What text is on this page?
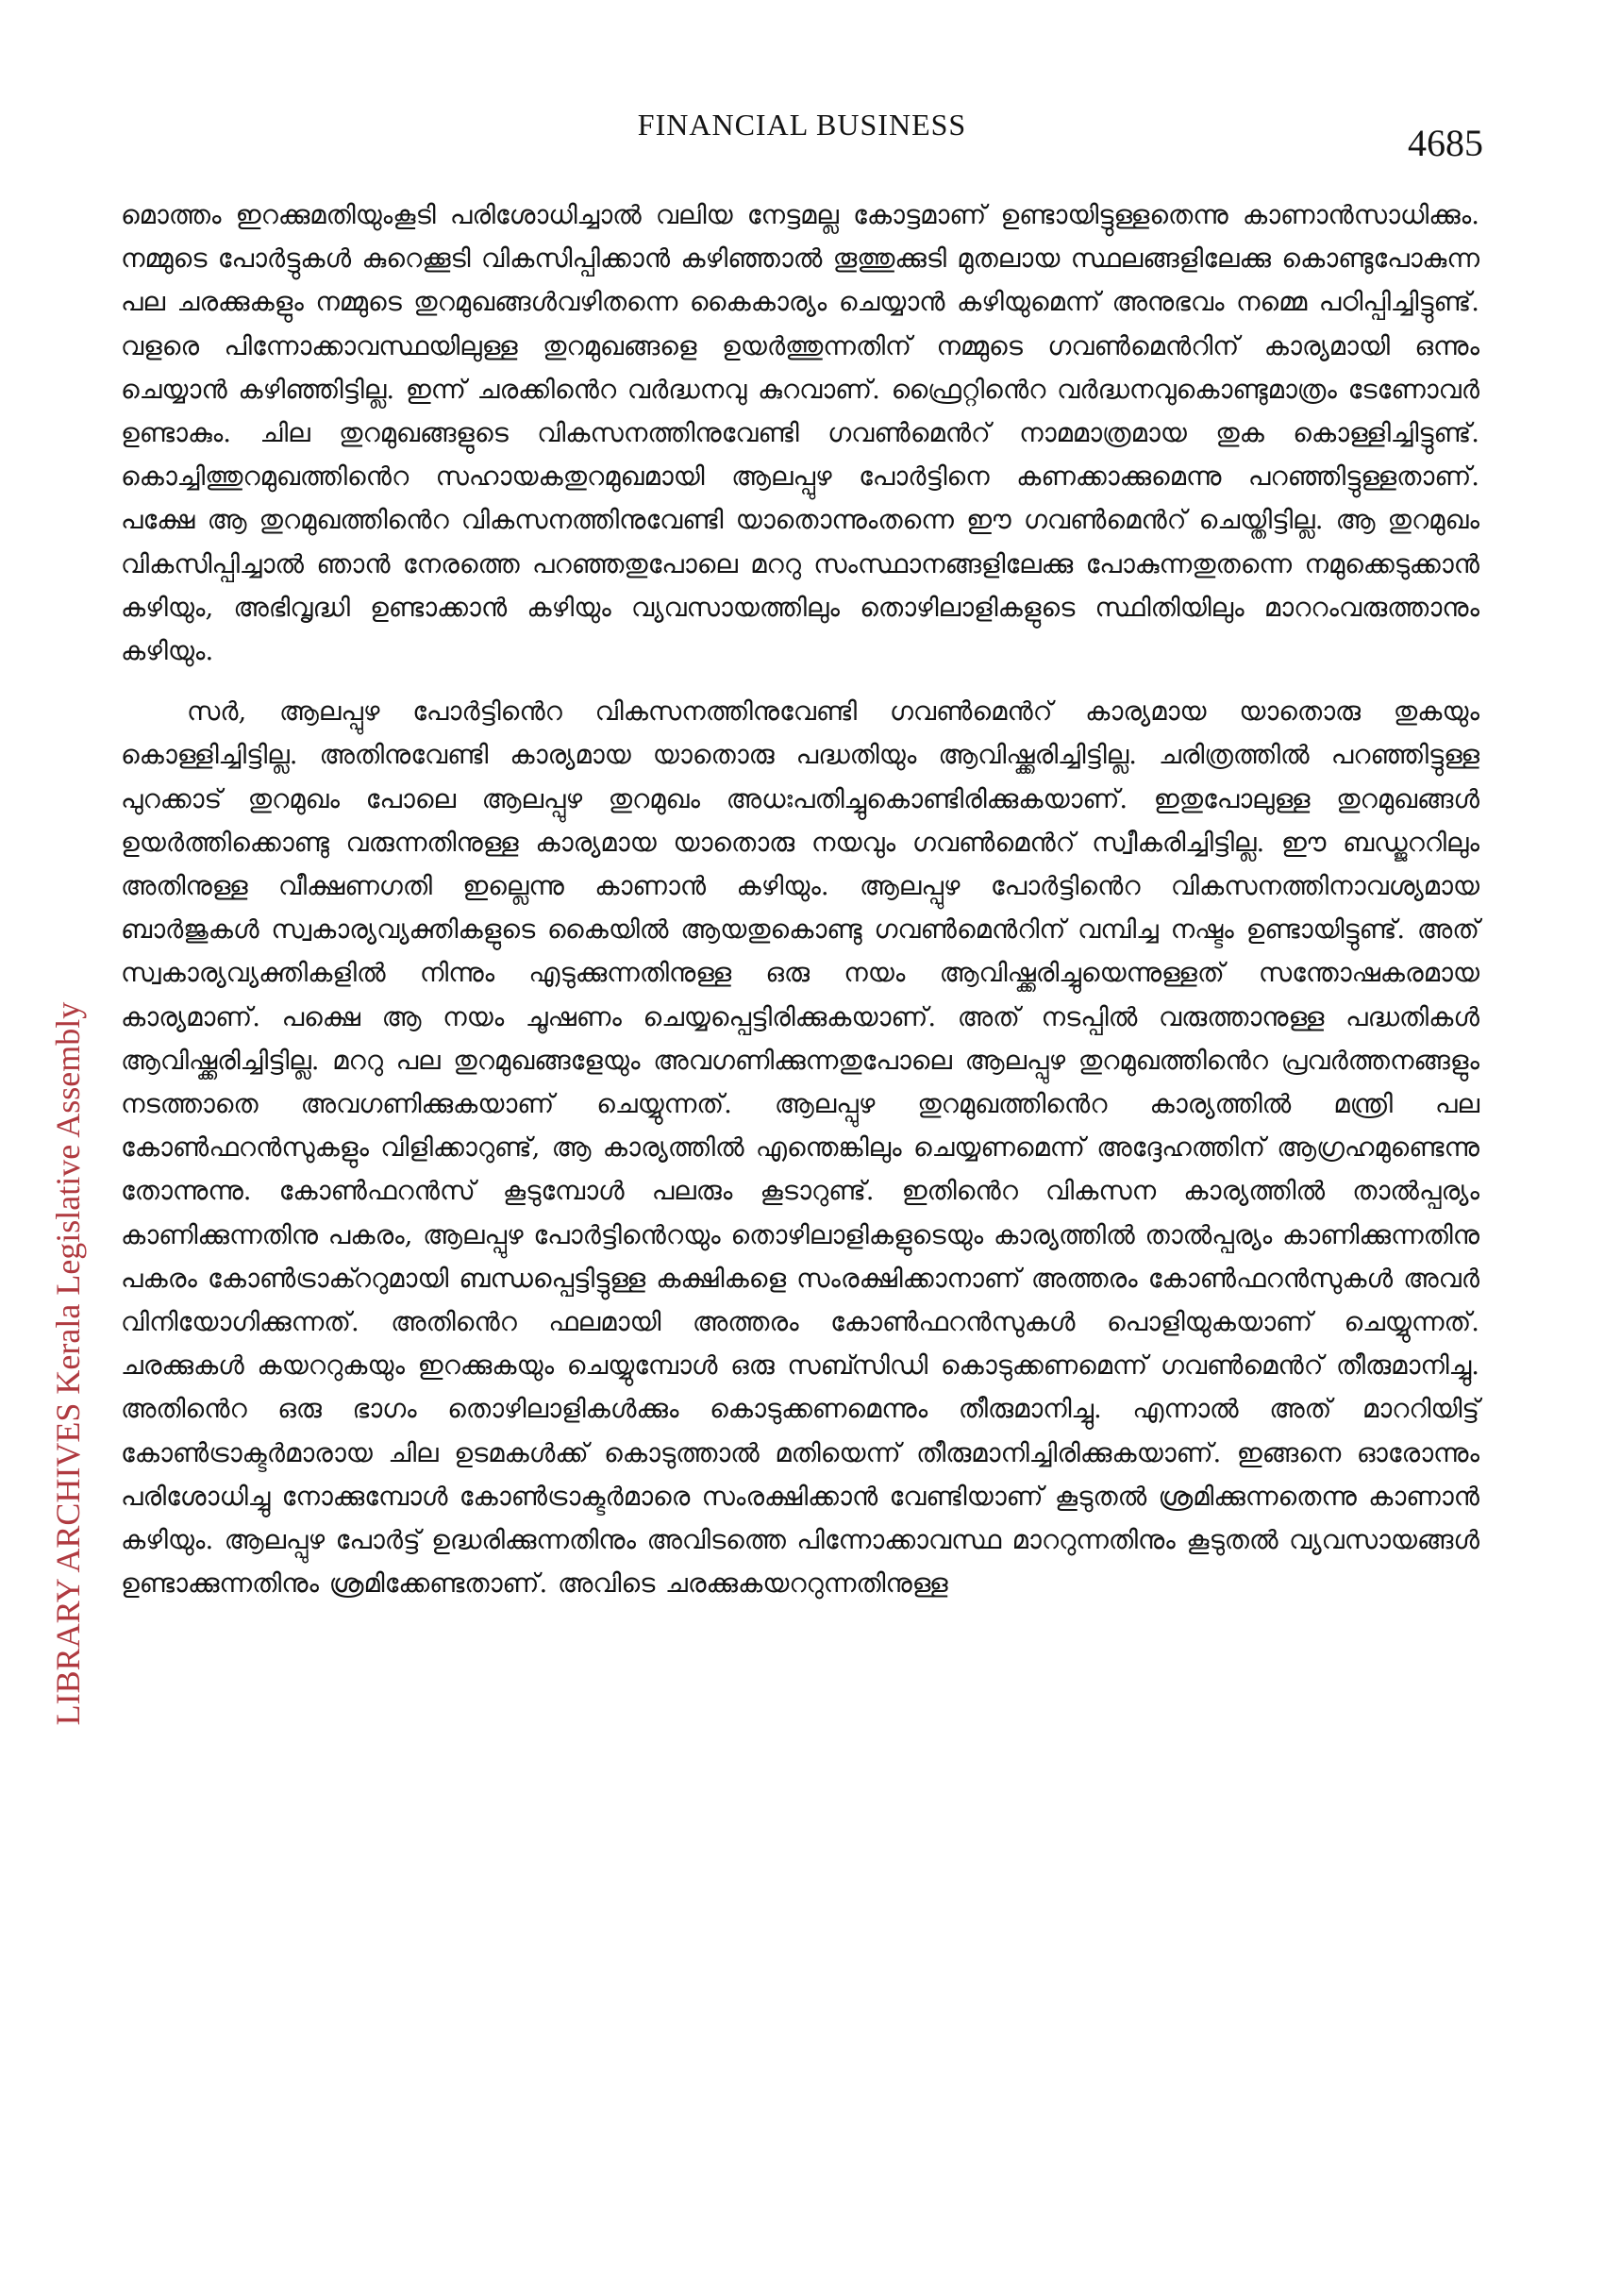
FINANCIAL BUSINESS	4685
LIBRARY ARCHIVES Kerala Legislative Assembly

മൊത്തം ഇറക്കുമതിയുംകൂടി പരിശോധിച്ചാൽ വലിയ നേട്ടമല്ല കോട്ടമാണ് ഉണ്ടായിട്ടുള്ളതെന്നു കാണാൻസാധിക്കും. നമ്മുടെ പോർട്ടുകൾ കുറെക്കൂടി വികസിപ്പിക്കാൻ കഴിഞ്ഞാൽ തൂത്തുക്കുടി മുതലായ സ്ഥലങ്ങളിലേക്കു കൊണ്ടുപോകുന്ന പല ചരക്കുകളും നമ്മുടെ തുറമുഖങ്ങൾവഴിതന്നെ കൈകാര്യം ചെയ്യാൻ കഴിയുമെന്ന് അനുഭവം നമ്മെ പഠിപ്പിച്ചിട്ടുണ്ട്. വളരെ പിന്നോക്കാവസ്ഥയിലുള്ള തുറമുഖങ്ങളെ ഉയർത്തുന്നതിന് നമ്മുടെ ഗവൺമെൻറിന് കാര്യമായി ഒന്നും ചെയ്യാൻ കഴിഞ്ഞിട്ടില്ല. ഇന്ന് ചരക്കിൻെറ വർദ്ധനവു കുറവാണ്. ഫ്രൈറ്റിൻെറ വർദ്ധനവുകൊണ്ടുമാത്രം ടേണോവർ ഉണ്ടാകും. ചില തുറമുഖങ്ങളുടെ വികസനത്തിനുവേണ്ടി ഗവൺമെൻറ് നാമമാത്രമായ തുക കൊള്ളിച്ചിട്ടുണ്ട്. കൊച്ചിത്തുറമുഖത്തിൻെറ സഹായകതുറമുഖമായി ആലപ്പുഴ പോർട്ടിനെ കണക്കാക്കുമെന്നു പറഞ്ഞിട്ടുള്ളതാണ്. പക്ഷേ ആ തുറമുഖത്തിൻെറ വികസനത്തിനുവേണ്ടി യാതൊന്നുംതന്നെ ഈ ഗവൺമെൻറ് ചെയ്തിട്ടില്ല. ആ തുറമുഖം വികസിപ്പിച്ചാൽ ഞാൻ നേരത്തെ പറഞ്ഞതുപോലെ മററു സംസ്ഥാനങ്ങളിലേക്കു പോകുന്നതുതന്നെ നമുക്കെടുക്കാൻ കഴിയും, അഭിവൃദ്ധി ഉണ്ടാക്കാൻ കഴിയും വ്യവസായത്തിലും തൊഴിലാളികളുടെ സ്ഥിതിയിലും മാററംവരുത്താനും കഴിയും.

സർ, ആലപ്പുഴ പോർട്ടിൻെറ വികസനത്തിനുവേണ്ടി ഗവൺമെൻറ് കാര്യമായ യാതൊരു തുകയും കൊള്ളിച്ചിട്ടില്ല. അതിനുവേണ്ടി കാര്യമായ യാതൊരു പദ്ധതിയും ആവിഷ്ക്കരിച്ചിട്ടില്ല. ചരിത്രത്തിൽ പറഞ്ഞിട്ടുള്ള പുറക്കാട് തുറമുഖം പോലെ ആലപ്പുഴ തുറമുഖം അധഃപതിച്ചുകൊണ്ടിരിക്കുകയാണ്. ഇതുപോലുള്ള തുറമുഖങ്ങൾ ഉയർത്തിക്കൊണ്ടു വരുന്നതിനുള്ള കാര്യമായ യാതൊരു നയവും ഗവൺമെൻറ് സ്വീകരിച്ചിട്ടില്ല. ഈ ബഡ്ജററിലും അതിനുള്ള വീക്ഷണഗതി ഇല്ലെന്നു കാണാൻ കഴിയും. ആലപ്പുഴ പോർട്ടിൻെറ വികസനത്തിനാവശ്യമായ ബാർജുകൾ സ്വകാര്യവ്യക്തികളുടെ കൈയിൽ ആയതുകൊണ്ടു ഗവൺമെൻറിന് വമ്പിച്ച നഷ്ടം ഉണ്ടായിട്ടുണ്ട്. അത് സ്വകാര്യവ്യക്തികളിൽ നിന്നും എടുക്കുന്നതിനുള്ള ഒരു നയം ആവിഷ്ക്കരിച്ചുയെന്നുള്ളത് സന്തോഷകരമായ കാര്യമാണ്. പക്ഷെ ആ നയം ചൂഷണം ചെയ്യപ്പെട്ടിരിക്കുകയാണ്. അത് നടപ്പിൽ വരുത്താനുള്ള പദ്ധതികൾ ആവിഷ്ക്കരിച്ചിട്ടില്ല. മററു പല തുറമുഖങ്ങളേയും അവഗണിക്കുന്നതുപോലെ ആലപ്പുഴ തുറമുഖത്തിൻെറ പ്രവർത്തനങ്ങളും നടത്താതെ അവഗണിക്കുകയാണ് ചെയ്യുന്നത്. ആലപ്പുഴ തുറമുഖത്തിൻെറ കാര്യത്തിൽ മന്ത്രി പല കോൺഫറൻസുകളും വിളിക്കാറുണ്ട്, ആ കാര്യത്തിൽ എന്തെങ്കിലും ചെയ്യണമെന്ന് അദ്ദേഹത്തിന് ആഗ്രഹമുണ്ടെന്നു തോന്നുന്നു. കോൺഫറൻസ് കൂടുമ്പോൾ പലരും കൂടാറുണ്ട്. ഇതിൻെറ വികസന കാര്യത്തിൽ താൽപ്പര്യം കാണിക്കുന്നതിനു പകരം, ആലപ്പുഴ പോർട്ടിൻെറയും തൊഴിലാളികളുടെയും കാര്യത്തിൽ താൽപ്പര്യം കാണിക്കുന്നതിനു പകരം കോൺട്രാക്ററുമായി ബന്ധപ്പെട്ടിട്ടുള്ള കക്ഷികളെ സംരക്ഷിക്കാനാണ് അത്തരം കോൺഫറൻസുകൾ അവർ വിനിയോഗിക്കുന്നത്. അതിൻെറ ഫലമായി അത്തരം കോൺഫറൻസുകൾ പൊളിയുകയാണ് ചെയ്യുന്നത്. ചരക്കുകൾ കയററുകയും ഇറക്കുകയും ചെയ്യുമ്പോൾ ഒരു സബ്സിഡി കൊടുക്കണമെന്ന് ഗവൺമെൻറ് തീരുമാനിച്ചു. അതിൻെറ ഒരു ഭാഗം തൊഴിലാളികൾക്കും കൊടുക്കണമെന്നും തീരുമാനിച്ചു. എന്നാൽ അത് മാററിയിട്ട് കോൺട്രാക്ടർമാരായ ചില ഉടമകൾക്ക് കൊടുത്താൽ മതിയെന്ന് തീരുമാനിച്ചിരിക്കുകയാണ്. ഇങ്ങനെ ഓരോന്നും പരിശോധിച്ചു നോക്കുമ്പോൾ കോൺട്രാക്ടർമാരെ സംരക്ഷിക്കാൻ വേണ്ടിയാണ് കൂടുതൽ ശ്രമിക്കുന്നതെന്നു കാണാൻ കഴിയും. ആലപ്പുഴ പോർട്ട് ഉദ്ധരിക്കുന്നതിനും അവിടത്തെ പിന്നോക്കാവസ്ഥ മാററുന്നതിനും കൂടുതൽ വ്യവസായങ്ങൾ ഉണ്ടാക്കുന്നതിനും ശ്രമിക്കേണ്ടതാണ്. അവിടെ ചരക്കുകയററുന്നതിനുള്ള
